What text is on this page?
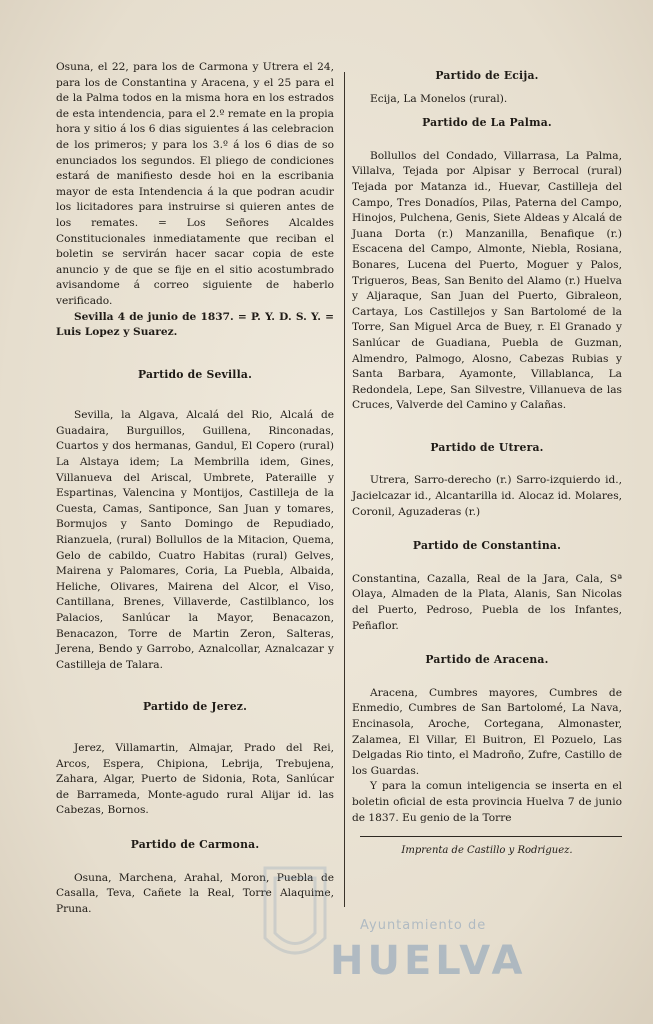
Osuna, el 22, para los de Carmona y Utrera el 24, para los de Constantina y Aracena, y el 25 para el de la Palma todos en la misma hora en los estrados de esta intendencia, para el 2.º remate en la propia hora y sitio á los 6 dias siguientes á las celebracion de los primeros; y para los 3.º á los 6 dias de so enunciados los segundos. El pliego de condiciones estará de manifiesto desde hoi en la escribania mayor de esta Intendencia á la que podran acudir los licitadores para instruirse si quieren antes de los remates. = Los Señores Alcaldes Constitucionales inmediatamente que reciban el boletin se servirán hacer sacar copia de este anuncio y de que se fije en el sitio acostumbrado avisandome á correo siguiente de haberlo verificado.

Sevilla 4 de junio de 1837. = P. Y. D. S. Y. = Luis Lopez y Suarez.

Partido de Sevilla.

Sevilla, la Algava, Alcalá del Rio, Alcalá de Guadaira, Burguillos, Guillena, Rinconadas, Cuartos y dos hermanas, Gandul, El Copero (rural) La Alstaya idem; La Membrilla idem, Gines, Villanueva del Ariscal, Umbrete, Pateraille y Espartinas, Valencina y Montijos, Castilleja de la Cuesta, Camas, Santiponce, San Juan y tomares, Bormujos y Santo Domingo de Repudiado, Rianzuela, (rural) Bollullos de la Mitacion, Quema, Gelo de cabildo, Cuatro Habitas (rural) Gelves, Mairena y Palomares, Coria, La Puebla, Albaida, Heliche, Olivares, Mairena del Alcor, el Viso, Cantillana, Brenes, Villaverde, Castilblanco, los Palacios, Sanlúcar la Mayor, Benacazon, Benacazon, Torre de Martin Zeron, Salteras, Jerena, Bendo y Garrobo, Aznalcollar, Aznalcazar y Castilleja de Talara.

Partido de Jerez.

Jerez, Villamartin, Almajar, Prado del Rei, Arcos, Espera, Chipiona, Lebrija, Trebujena, Zahara, Algar, Puerto de Sidonia, Rota, Sanlúcar de Barrameda, Monte-agudo rural Alijar id. las Cabezas, Bornos.

Partido de Carmona.

Osuna, Marchena, Arahal, Moron, Puebla de Casalla, Teva, Cañete la Real, Torre Alaquime, Pruna.

Partido de Ecija.

Ecija, La Monelos (rural).

Partido de La Palma.

Bollullos del Condado, Villarrasa, La Palma, Villalva, Tejada por Alpisar y Berrocal (rural) Tejada por Matanza id., Huevar, Castilleja del Campo, Tres Donadíos, Pilas, Paterna del Campo, Hinojos, Pulchena, Genis, Siete Aldeas y Alcalá de Juana Dorta (r.) Manzanilla, Benafique (r.) Escacena del Campo, Almonte, Niebla, Rosiana, Bonares, Lucena del Puerto, Moguer y Palos, Trigueros, Beas, San Benito del Alamo (r.) Huelva y Aljaraque, San Juan del Puerto, Gibraleon, Cartaya, Los Castillejos y San Bartolomé de la Torre, San Miguel Arca de Buey, r. El Granado y Sanlúcar de Guadiana, Puebla de Guzman, Almendro, Palmogo, Alosno, Cabezas Rubias y Santa Barbara, Ayamonte, Villablanca, La Redondela, Lepe, San Silvestre, Villanueva de las Cruces, Valverde del Camino y Calañas.

Partido de Utrera.

Utrera, Sarro-derecho (r.) Sarro-izquierdo id., Jacielcazar id., Alcantarilla id. Alocaz id. Molares, Coronil, Aguzaderas (r.)

Partido de Constantina.

Constantina, Cazalla, Real de la Jara, Cala, Sª Olaya, Almaden de la Plata, Alanis, San Nicolas del Puerto, Pedroso, Puebla de los Infantes, Peñaflor.

Partido de Aracena.

Aracena, Cumbres mayores, Cumbres de Enmedio, Cumbres de San Bartolomé, La Nava, Encinasola, Aroche, Cortegana, Almonaster, Zalamea, El Villar, El Buitron, El Pozuelo, Las Delgadas Rio tinto, el Madroño, Zufre, Castillo de los Guardas.

Y para la comun inteligencia se inserta en el boletin oficial de esta provincia Huelva 7 de junio de 1837. Eu genio de la Torre

Imprenta de Castillo y Rodriguez.

Ayuntamiento de
HUELVA
